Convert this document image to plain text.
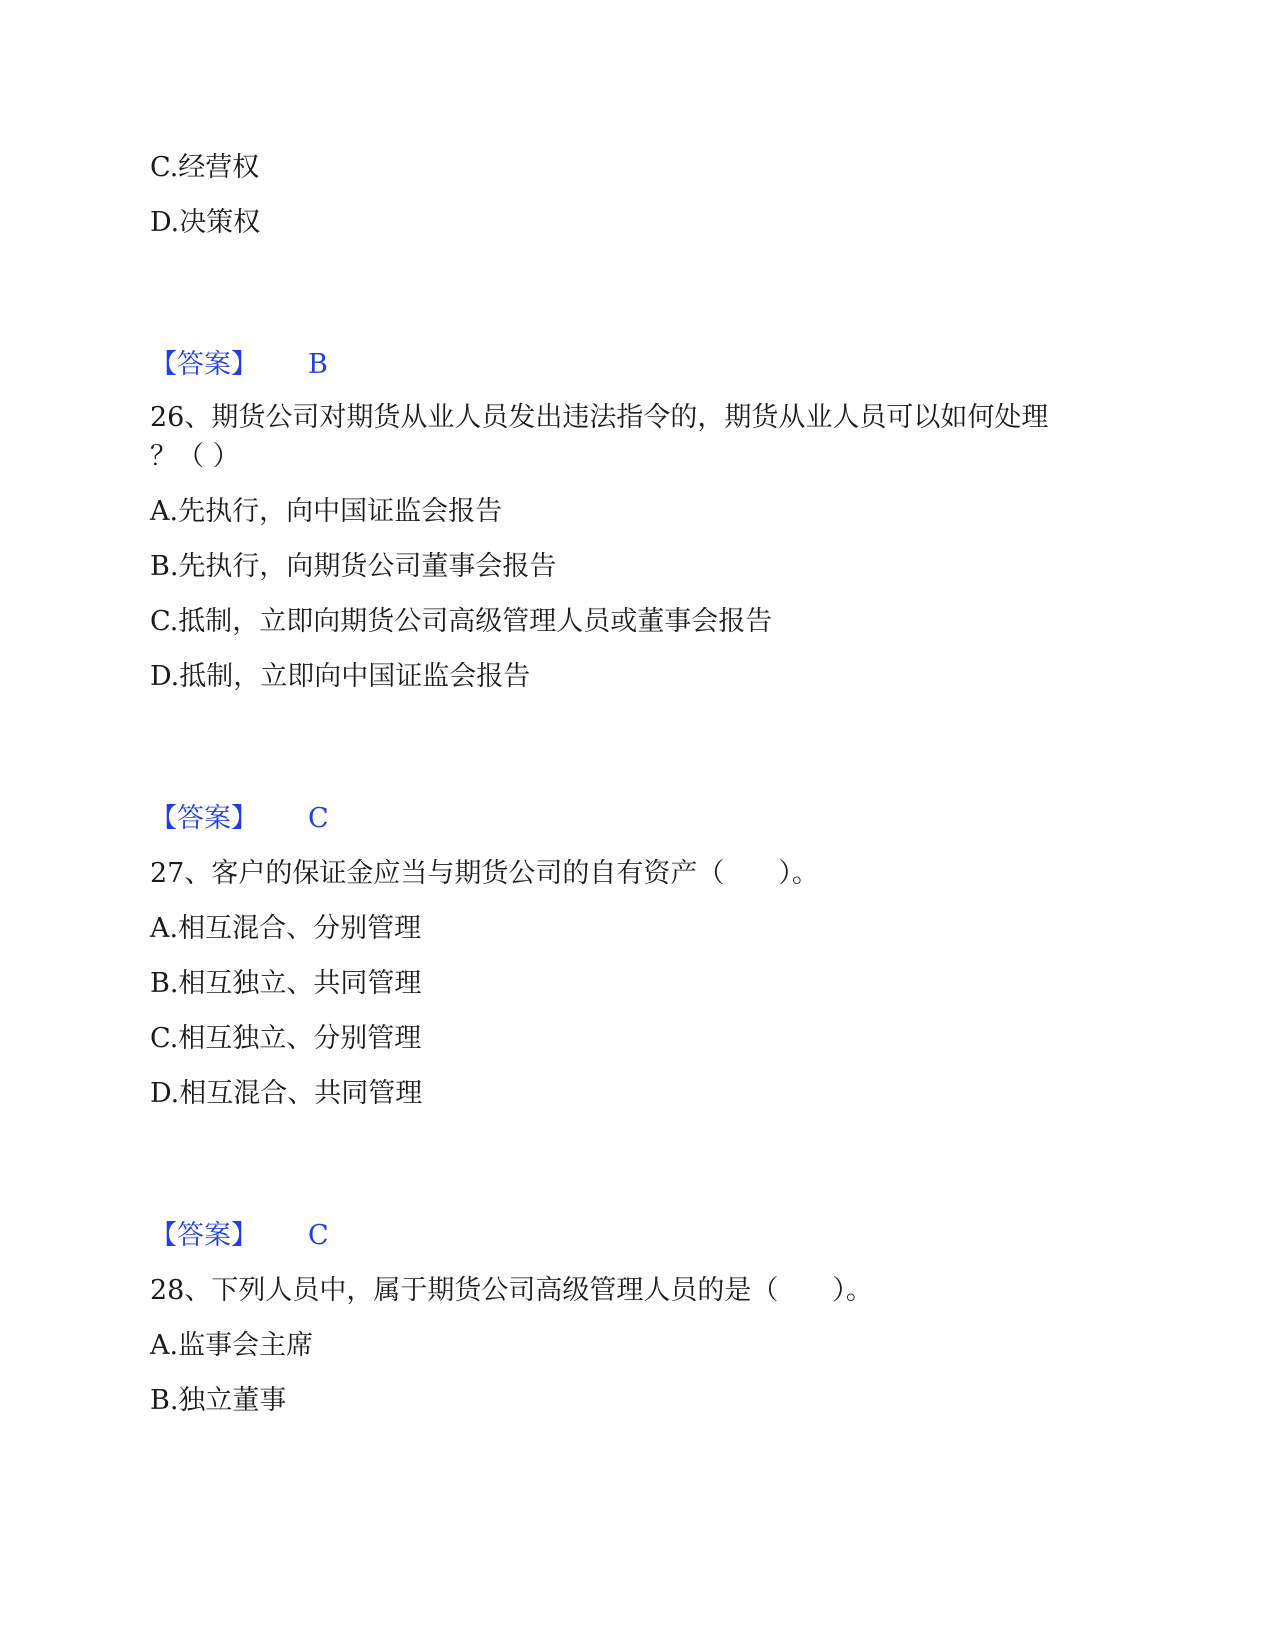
C.经营权
D.决策权
【答案】 B
26、期货公司对期货从业人员发出违法指令的，期货从业人员可以如何处理
？（ ）
A.先执行，向中国证监会报告
B.先执行，向期货公司董事会报告
C.抵制，立即向期货公司高级管理人员或董事会报告
D.抵制，立即向中国证监会报告
【答案】 C
27、客户的保证金应当与期货公司的自有资产（　　）。
A.相互混合、分别管理
B.相互独立、共同管理
C.相互独立、分别管理
D.相互混合、共同管理
【答案】 C
28、下列人员中，属于期货公司高级管理人员的是（　　）。
A.监事会主席
B.独立董事
